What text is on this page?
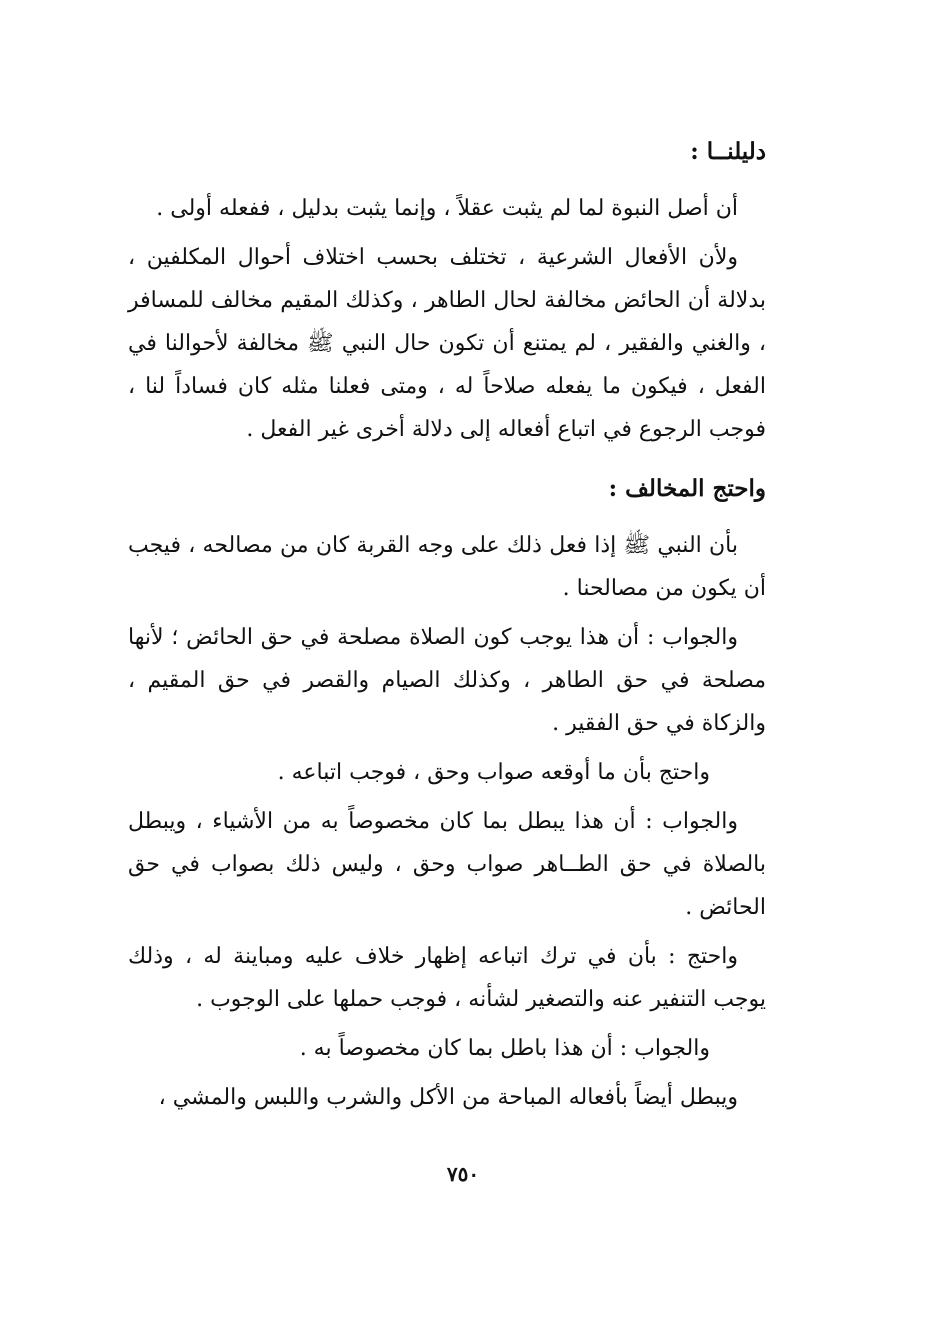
دليلنــا :

أن أصل النبوة لما لم يثبت عقلاً ، وإنما يثبت بدليل ، ففعله أولى .

ولأن الأفعال الشرعية ، تختلف بحسب اختلاف أحوال المكلفين ، بدلالة أن الحائض مخالفة لحال الطاهر ، وكذلك المقيم مخالف للمسافر ، والغني والفقير ، لم يمتنع أن تكون حال النبي ﷺ مخالفة لأحوالنا في الفعل ، فيكون ما يفعله صلاحاً له ، ومتى فعلنا مثله كان فساداً لنا ، فوجب الرجوع في اتباع أفعاله إلى دلالة أخرى غير الفعل .

واحتج المخالف :

بأن النبي ﷺ إذا فعل ذلك على وجه القربة كان من مصالحه ، فيجب أن يكون من مصالحنا .

والجواب : أن هذا يوجب كون الصلاة مصلحة في حق الحائض ؛ لأنها مصلحة في حق الطاهر ، وكذلك الصيام والقصر في حق المقيم ، والزكاة في حق الفقير .

واحتج بأن ما أوقعه صواب وحق ، فوجب اتباعه .

والجواب : أن هذا يبطل بما كان مخصوصاً به من الأشياء ، ويبطل بالصلاة في حق الطــاهر صواب وحق ، وليس ذلك بصواب في حق الحائض .

واحتج : بأن في ترك اتباعه إظهار خلاف عليه ومباينة له ، وذلك يوجب التنفير عنه والتصغير لشأنه ، فوجب حملها على الوجوب .

والجواب : أن هذا باطل بما كان مخصوصاً به .

ويبطل أيضاً بأفعاله المباحة من الأكل والشرب واللبس والمشي ،

٧٥٠
